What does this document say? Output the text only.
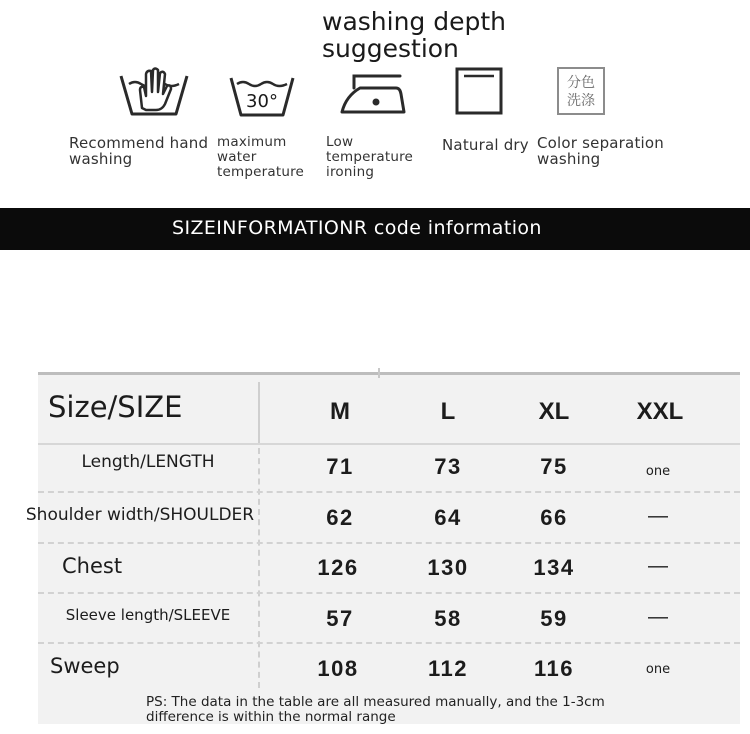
washing depth
suggestion
30°
分色
洗涤
Recommend hand
washing
maximum
water
temperature
Low
temperature
ironing
Natural dry Color separation
washing
SIZEINFORMATIONR code information
Size/SIZE	M	L	XL	XXL
Length/LENGTH	71	73	75	one
Shoulder width/SHOULDER	62	64	66	—
Chest	126	130	134	—
Sleeve length/SLEEVE	57	58	59	—
Sweep	108	112	116	one
PS: The data in the table are all measured manually, and the 1-3cm
difference is within the normal range
